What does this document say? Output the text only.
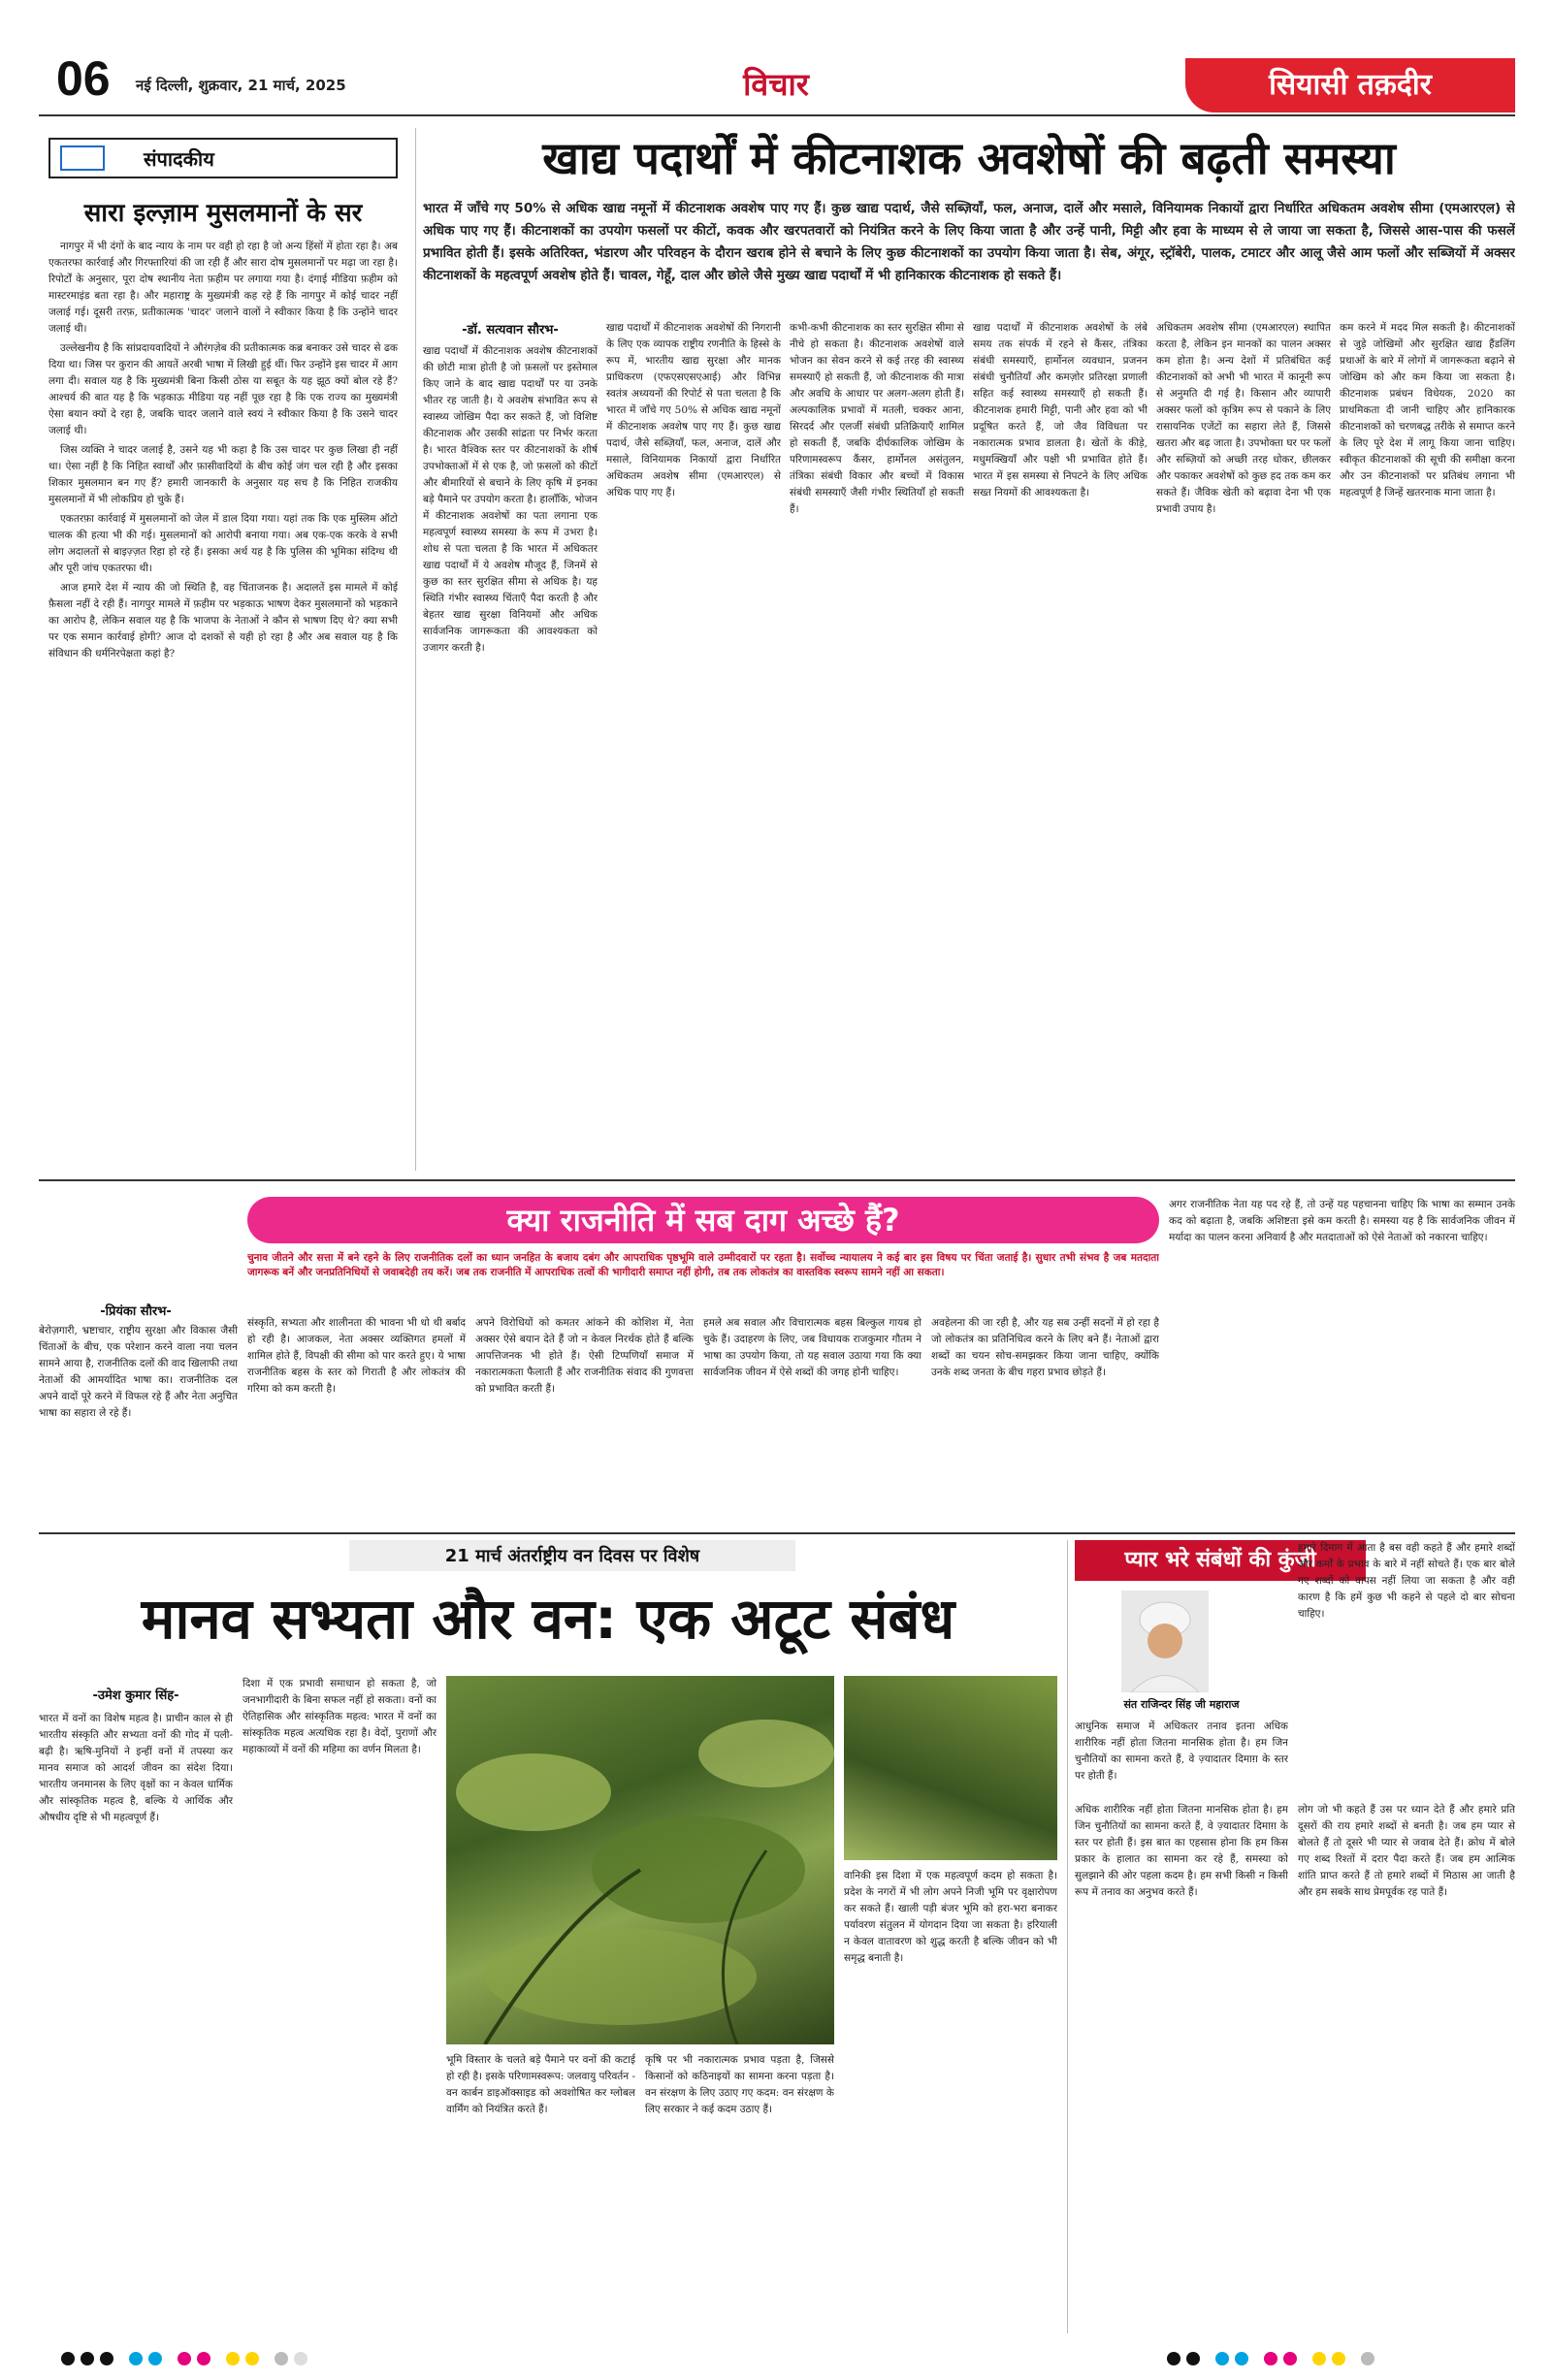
06 नई दिल्ली, शुक्रवार, 21 मार्च, 2025	विचार	सियासी तक़दीर
संपादकीय
सारा इल्ज़ाम मुसलमानों के सर

नागपुर में भी दंगों के बाद न्याय के नाम पर वही हो रहा है जो अन्य हिंसों में होता रहा है। अब एकतरफा कार्रवाई और गिरफ्तारियां की जा रही हैं और सारा दोष मुसलमानों पर मढ़ा जा रहा है। रिपोर्टों के अनुसार, पूरा दोष स्थानीय नेता फ़हीम पर लगाया गया है। दंगाई मीडिया फ़हीम को मास्टरमाइंड बता रहा है। और महाराष्ट्र के मुख्यमंत्री कह रहे हैं कि नागपुर में कोई चादर नहीं जलाई गई। दूसरी तरफ़, प्रतीकात्मक 'चादर' जलाने वालों ने स्वीकार किया है कि उन्होंने चादर जलाई थी।

उल्लेखनीय है कि सांप्रदायवादियों ने औरंगज़ेब की प्रतीकात्मक कब्र बनाकर उसे चादर से ढक दिया था। जिस पर कुरान की आयतें अरबी भाषा में लिखी हुई थीं। फिर उन्होंने इस चादर में आग लगा दी। सवाल यह है कि मुख्यमंत्री बिना किसी ठोस या सबूत के यह झूठ क्यों बोल रहे हैं? आश्चर्य की बात यह है कि भड़काऊ मीडिया यह नहीं पूछ रहा है कि एक राज्य का मुख्यमंत्री ऐसा बयान क्यों दे रहा है, जबकि चादर जलाने वाले स्वयं ने स्वीकार किया है कि उसने चादर जलाई थी।

जिस व्यक्ति ने चादर जलाई है, उसने यह भी कहा है कि उस चादर पर कुछ लिखा ही नहीं था। ऐसा नहीं है कि निहित स्वार्थों और फ़ासीवादियों के बीच कोई जंग चल रही है और इसका शिकार मुसलमान बन गए हैं? हमारी जानकारी के अनुसार यह सच है कि निहित राजकीय मुसलमानों में भी लोकप्रिय हो चुके हैं।

एकतरफ़ा कार्रवाई में मुसलमानों को जेल में डाल दिया गया। यहां तक कि एक मुस्लिम ऑटो चालक की हत्या भी की गई। मुसलमानों को आरोपी बनाया गया। अब एक-एक करके वे सभी लोग अदालतों से बाइज़्ज़त रिहा हो रहे हैं। इसका अर्थ यह है कि पुलिस की भूमिका संदिग्ध थी और पूरी जांच एकतरफा थी।

आज हमारे देश में न्याय की जो स्थिति है, वह चिंताजनक है। अदालतें इस मामले में कोई फ़ैसला नहीं दे रही हैं। नागपुर मामले में फ़हीम पर भड़काऊ भाषण देकर मुसलमानों को भड़काने का आरोप है, लेकिन सवाल यह है कि भाजपा के नेताओं ने कौन से भाषण दिए थे? क्या सभी पर एक समान कार्रवाई होगी? आज दो दशकों से यही हो रहा है और अब सवाल यह है कि संविधान की धर्मनिरपेक्षता कहां है?

खाद्य पदार्थों में कीटनाशक अवशेषों की बढ़ती समस्या
भारत में जाँचे गए 50% से अधिक खाद्य नमूनों में कीटनाशक अवशेष पाए गए हैं। कुछ खाद्य पदार्थ, जैसे सब्ज़ियाँ, फल, अनाज, दालें और मसाले, विनियामक निकायों द्वारा निर्धारित अधिकतम अवशेष सीमा (एमआरएल) से अधिक पाए गए हैं। कीटनाशकों का उपयोग फसलों पर कीटों, कवक और खरपतवारों को नियंत्रित करने के लिए किया जाता है और उन्हें पानी, मिट्टी और हवा के माध्यम से ले जाया जा सकता है, जिससे आस-पास की फसलें प्रभावित होती हैं। इसके अतिरिक्त, भंडारण और परिवहन के दौरान खराब होने से बचाने के लिए कुछ कीटनाशकों का उपयोग किया जाता है। सेब, अंगूर, स्ट्रॉबेरी, पालक, टमाटर और आलू जैसे आम फलों और सब्जियों में अक्सर कीटनाशकों के महत्वपूर्ण अवशेष होते हैं। चावल, गेहूँ, दाल और छोले जैसे मुख्य खाद्य पदार्थों में भी हानिकारक कीटनाशक हो सकते हैं।
-डॉ. सत्यवान सौरभ-
खाद्य पदार्थों में कीटनाशक अवशेष कीटनाशकों की छोटी मात्रा होती है जो फ़सलों पर इस्तेमाल किए जाने के बाद खाद्य पदार्थों पर या उनके भीतर रह जाती है। ये अवशेष संभावित रूप से स्वास्थ्य जोखिम पैदा कर सकते हैं, जो विशिष्ट कीटनाशक और उसकी सांद्रता पर निर्भर करता है। भारत वैश्विक स्तर पर कीटनाशकों के शीर्ष उपभोक्ताओं में से एक है, जो फ़सलों को कीटों और बीमारियों से बचाने के लिए कृषि में इनका बड़े पैमाने पर उपयोग करता है। हालाँकि, भोजन में कीटनाशक अवशेषों का पता लगाना एक महत्वपूर्ण स्वास्थ्य समस्या के रूप में उभरा है। शोध से पता चलता है कि भारत में अधिकतर खाद्य पदार्थों में ये अवशेष मौजूद हैं, जिनमें से कुछ का स्तर सुरक्षित सीमा से अधिक है। यह स्थिति गंभीर स्वास्थ्य चिंताएँ पैदा करती है और बेहतर खाद्य सुरक्षा विनियमों और अधिक सार्वजनिक जागरूकता की आवश्यकता को उजागर करती है।
खाद्य पदार्थों में कीटनाशक अवशेषों की निगरानी के लिए एक व्यापक राष्ट्रीय रणनीति के हिस्से के रूप में, भारतीय खाद्य सुरक्षा और मानक प्राधिकरण (एफएसएसएआई) और विभिन्न स्वतंत्र अध्ययनों की रिपोर्ट से पता चलता है कि भारत में जाँचे गए 50% से अधिक खाद्य नमूनों में कीटनाशक अवशेष पाए गए हैं। कुछ खाद्य पदार्थ, जैसे सब्ज़ियाँ, फल, अनाज, दालें और मसाले, विनियामक निकायों द्वारा निर्धारित अधिकतम अवशेष सीमा (एमआरएल) से अधिक पाए गए हैं।
कभी-कभी कीटनाशक का स्तर सुरक्षित सीमा से नीचे हो सकता है। कीटनाशक अवशेषों वाले भोजन का सेवन करने से कई तरह की स्वास्थ्य समस्याएँ हो सकती हैं, जो कीटनाशक की मात्रा और अवधि के आधार पर अलग-अलग होती हैं। अल्पकालिक प्रभावों में मतली, चक्कर आना, सिरदर्द और एलर्जी संबंधी प्रतिक्रियाएँ शामिल हो सकती हैं, जबकि दीर्घकालिक जोखिम के परिणामस्वरूप कैंसर, हार्मोनल असंतुलन, तंत्रिका संबंधी विकार और बच्चों में विकास संबंधी समस्याएँ जैसी गंभीर स्थितियाँ हो सकती हैं।
खाद्य पदार्थों में कीटनाशक अवशेषों के लंबे समय तक संपर्क में रहने से कैंसर, तंत्रिका संबंधी समस्याएँ, हार्मोनल व्यवधान, प्रजनन संबंधी चुनौतियाँ और कमज़ोर प्रतिरक्षा प्रणाली सहित कई स्वास्थ्य समस्याएँ हो सकती हैं। कीटनाशक हमारी मिट्टी, पानी और हवा को भी प्रदूषित करते हैं, जो जैव विविधता पर नकारात्मक प्रभाव डालता है। खेतों के कीड़े, मधुमक्खियाँ और पक्षी भी प्रभावित होते हैं। भारत में इस समस्या से निपटने के लिए अधिक सख्त नियमों की आवश्यकता है।
अधिकतम अवशेष सीमा (एमआरएल) स्थापित करता है, लेकिन इन मानकों का पालन अक्सर कम होता है। अन्य देशों में प्रतिबंधित कई कीटनाशकों को अभी भी भारत में कानूनी रूप से अनुमति दी गई है। किसान और व्यापारी अक्सर फलों को कृत्रिम रूप से पकाने के लिए रासायनिक एजेंटों का सहारा लेते हैं, जिससे खतरा और बढ़ जाता है। उपभोक्ता घर पर फलों और सब्ज़ियों को अच्छी तरह धोकर, छीलकर और पकाकर अवशेषों को कुछ हद तक कम कर सकते हैं। जैविक खेती को बढ़ावा देना भी एक प्रभावी उपाय है।
कम करने में मदद मिल सकती है। कीटनाशकों से जुड़े जोखिमों और सुरक्षित खाद्य हैंडलिंग प्रथाओं के बारे में लोगों में जागरूकता बढ़ाने से जोखिम को और कम किया जा सकता है। कीटनाशक प्रबंधन विधेयक, 2020 का प्राथमिकता दी जानी चाहिए और हानिकारक कीटनाशकों को चरणबद्ध तरीके से समाप्त करने के लिए पूरे देश में लागू किया जाना चाहिए। स्वीकृत कीटनाशकों की सूची की समीक्षा करना और उन कीटनाशकों पर प्रतिबंध लगाना भी महत्वपूर्ण है जिन्हें खतरनाक माना जाता है।
क्या राजनीति में सब दाग अच्छे हैं?
चुनाव जीतने और सत्ता में बने रहने के लिए राजनीतिक दलों का ध्यान जनहित के बजाय दबंग और आपराधिक पृष्ठभूमि वाले उम्मीदवारों पर रहता है। सर्वोच्च न्यायालय ने कई बार इस विषय पर चिंता जताई है। सुधार तभी संभव है जब मतदाता जागरूक बनें और जनप्रतिनिधियों से जवाबदेही तय करें। जब तक राजनीति में आपराधिक तत्वों की भागीदारी समाप्त नहीं होगी, तब तक लोकतंत्र का वास्तविक स्वरूप सामने नहीं आ सकता।
-प्रियंका सौरभ-
बेरोज़गारी, भ्रष्टाचार, राष्ट्रीय सुरक्षा और विकास जैसी चिंताओं के बीच, एक परेशान करने वाला नया चलन सामने आया है, राजनीतिक दलों की वाद खिलाफी तथा नेताओं की आमर्यादित भाषा का। राजनीतिक दल अपने वादों पूरे करने में विफल रहे हैं और नेता अनुचित भाषा का सहारा ले रहे हैं।
संस्कृति, सभ्यता और शालीनता की भावना भी धो थी बर्बाद हो रही है। आजकल, नेता अक्सर व्यक्तिगत हमलों में शामिल होते हैं, विपक्षी की सीमा को पार करते हुए। ये भाषा राजनीतिक बहस के स्तर को गिराती है और लोकतंत्र की गरिमा को कम करती है।
अपने विरोधियों को कमतर आंकने की कोशिश में, नेता अक्सर ऐसे बयान देते हैं जो न केवल निरर्थक होते हैं बल्कि आपत्तिजनक भी होते हैं। ऐसी टिप्पणियाँ समाज में नकारात्मकता फैलाती हैं और राजनीतिक संवाद की गुणवत्ता को प्रभावित करती हैं।
हमले अब सवाल और विचारात्मक बहस बिल्कुल गायब हो चुके हैं। उदाहरण के लिए, जब विधायक राजकुमार गौतम ने भाषा का उपयोग किया, तो यह सवाल उठाया गया कि क्या सार्वजनिक जीवन में ऐसे शब्दों की जगह होनी चाहिए।
अवहेलना की जा रही है, और यह सब उन्हीं सदनों में हो रहा है जो लोकतंत्र का प्रतिनिधित्व करने के लिए बने हैं। नेताओं द्वारा शब्दों का चयन सोच-समझकर किया जाना चाहिए, क्योंकि उनके शब्द जनता के बीच गहरा प्रभाव छोड़ते हैं।
अगर राजनीतिक नेता यह पद रहे हैं, तो उन्हें यह पहचानना चाहिए कि भाषा का सम्मान उनके कद को बढ़ाता है, जबकि अशिष्टता इसे कम करती है। समस्या यह है कि सार्वजनिक जीवन में मर्यादा का पालन करना अनिवार्य है और मतदाताओं को ऐसे नेताओं को नकारना चाहिए।
21 मार्च अंतर्राष्ट्रीय वन दिवस पर विशेष
मानव सभ्यता और वन: एक अटूट संबंध
-उमेश कुमार सिंह-
भारत में वनों का विशेष महत्व है। प्राचीन काल से ही भारतीय संस्कृति और सभ्यता वनों की गोद में पली-बढ़ी है। ऋषि-मुनियों ने इन्हीं वनों में तपस्या कर मानव समाज को आदर्श जीवन का संदेश दिया। भारतीय जनमानस के लिए वृक्षों का न केवल धार्मिक और सांस्कृतिक महत्व है, बल्कि ये आर्थिक और औषधीय दृष्टि से भी महत्वपूर्ण हैं।
दिशा में एक प्रभावी समाधान हो सकता है, जो जनभागीदारी के बिना सफल नहीं हो सकता। वनों का ऐतिहासिक और सांस्कृतिक महत्व: भारत में वनों का सांस्कृतिक महत्व अत्यधिक रहा है। वेदों, पुराणों और महाकाव्यों में वनों की महिमा का वर्णन मिलता है।
भूमि विस्तार के चलते बड़े पैमाने पर वनों की कटाई हो रही है। इसके परिणामस्वरूप: जलवायु परिवर्तन - वन कार्बन डाइऑक्साइड को अवशोषित कर ग्लोबल वार्मिंग को नियंत्रित करते हैं।
कृषि पर भी नकारात्मक प्रभाव पड़ता है, जिससे किसानों को कठिनाइयों का सामना करना पड़ता है। वन संरक्षण के लिए उठाए गए कदम: वन संरक्षण के लिए सरकार ने कई कदम उठाए हैं।
वानिकी इस दिशा में एक महत्वपूर्ण कदम हो सकता है। प्रदेश के नगरों में भी लोग अपने निजी भूमि पर वृक्षारोपण कर सकते हैं। खाली पड़ी बंजर भूमि को हरा-भरा बनाकर पर्यावरण संतुलन में योगदान दिया जा सकता है। हरियाली न केवल वातावरण को शुद्ध करती है बल्कि जीवन को भी समृद्ध बनाती है।
प्यार भरे संबंधों की कुंजी
संत राजिन्दर सिंह जी महाराज
आधुनिक समाज में अधिकतर तनाव इतना अधिक शारीरिक नहीं होता जितना मानसिक होता है। हम जिन चुनौतियों का सामना करते हैं, वे ज़्यादातर दिमाग़ के स्तर पर होती हैं।
अधिक शारीरिक नहीं होता जितना मानसिक होता है। हम जिन चुनौतियों का सामना करते हैं, वे ज़्यादातर दिमाग़ के स्तर पर होती हैं। इस बात का एहसास होना कि हम किस प्रकार के हालात का सामना कर रहे हैं, समस्या को सुलझाने की ओर पहला कदम है। हम सभी किसी न किसी रूप में तनाव का अनुभव करते हैं।
हमारे दिमाग में आता है बस वही कहते हैं और हमारे शब्दों और कर्मों के प्रभाव के बारे में नहीं सोचते हैं। एक बार बोले गए शब्दों को वापस नहीं लिया जा सकता है और वही कारण है कि हमें कुछ भी कहने से पहले दो बार सोचना चाहिए।
लोग जो भी कहते हैं उस पर ध्यान देते हैं और हमारे प्रति दूसरों की राय हमारे शब्दों से बनती है। जब हम प्यार से बोलते हैं तो दूसरे भी प्यार से जवाब देते हैं। क्रोध में बोले गए शब्द रिश्तों में दरार पैदा करते हैं। जब हम आत्मिक शांति प्राप्त करते हैं तो हमारे शब्दों में मिठास आ जाती है और हम सबके साथ प्रेमपूर्वक रह पाते हैं।
